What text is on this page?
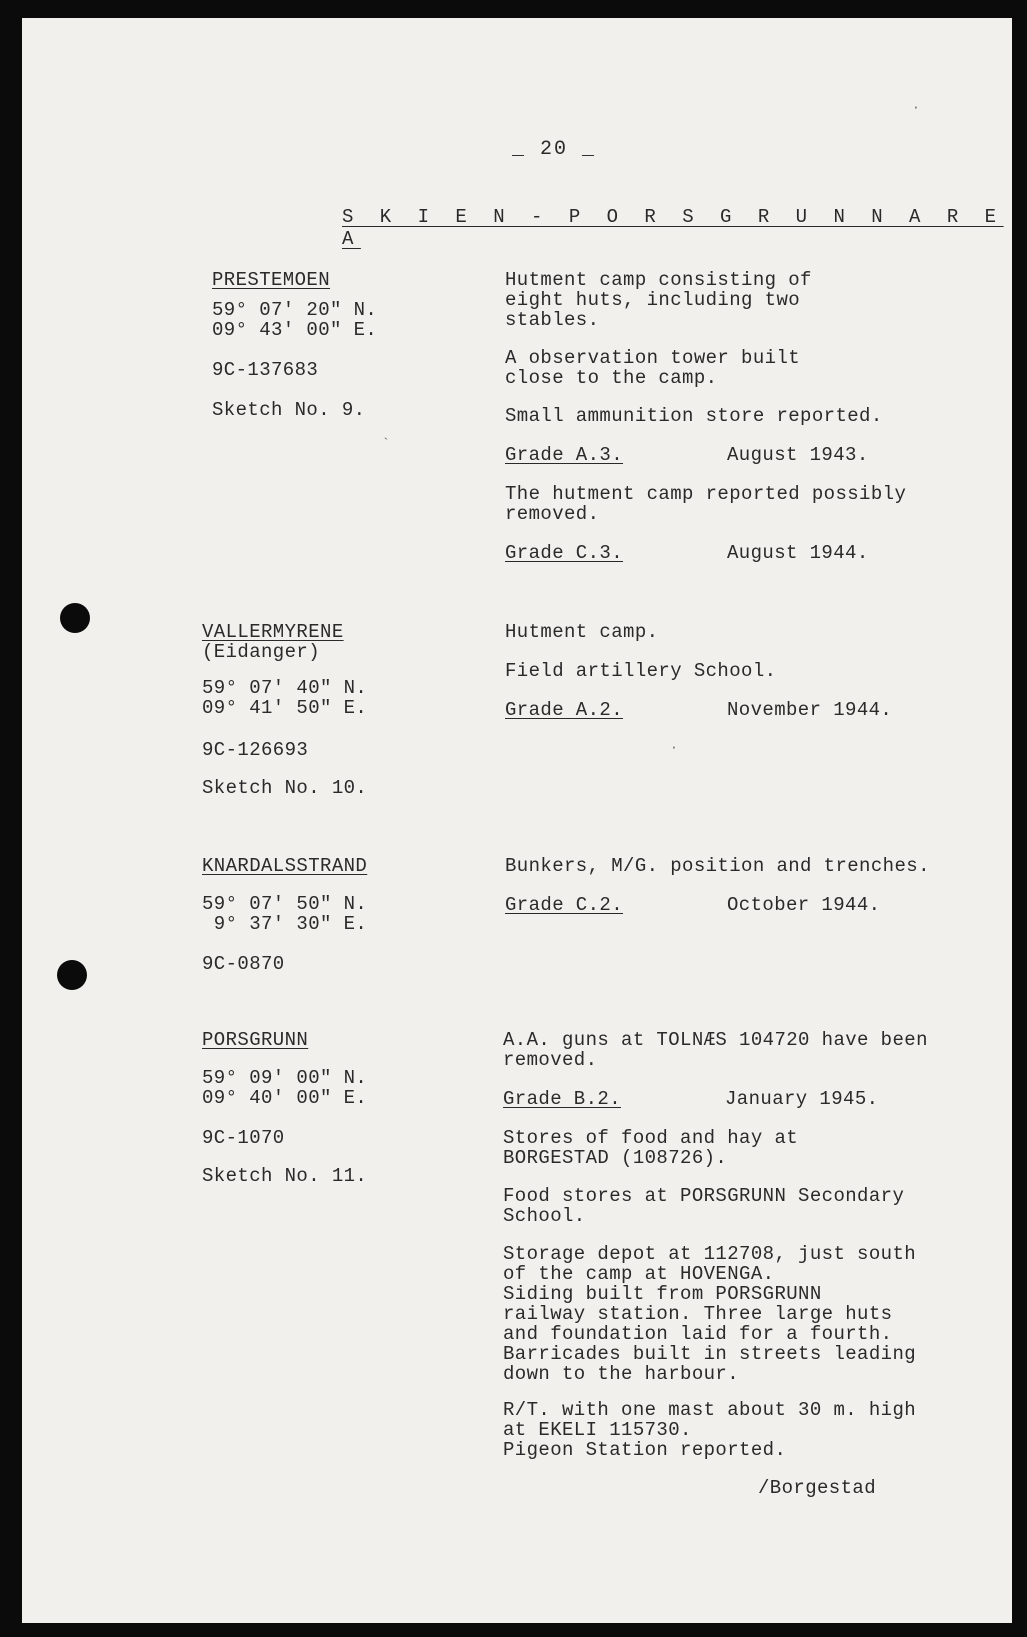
`
·
·
_ 20 _
S K I E N - P O R S G R U N N A R E A
PRESTEMOEN
59° 07' 20" N.
09° 43' 00" E.
9C-137683
Sketch No. 9.
Hutment camp consisting of
eight huts, including two
stables.
A observation tower built
close to the camp.
Small ammunition store reported.
Grade A.3.	August 1943.
The hutment camp reported possibly
removed.
Grade C.3.	August 1944.
VALLERMYRENE
(Eidanger)
59° 07' 40" N.
09° 41' 50" E.
9C-126693
Sketch No. 10.
Hutment camp.
Field artillery School.
Grade A.2.	November 1944.
KNARDALSSTRAND
59° 07' 50" N.
9° 37' 30" E.
9C-0870
Bunkers, M/G. position and trenches.
Grade C.2.	October 1944.
PORSGRUNN
59° 09' 00" N.
09° 40' 00" E.
9C-1070
Sketch No. 11.
A.A. guns at TOLNÆS 104720 have been
removed.
Grade B.2.	January 1945.
Stores of food and hay at
BORGESTAD (108726).
Food stores at PORSGRUNN Secondary
School.
Storage depot at 112708, just south
of the camp at HOVENGA.
Siding built from PORSGRUNN
railway station. Three large huts
and foundation laid for a fourth.
Barricades built in streets leading
down to the harbour.
R/T. with one mast about 30 m. high
at EKELI 115730.
Pigeon Station reported.
/Borgestad
